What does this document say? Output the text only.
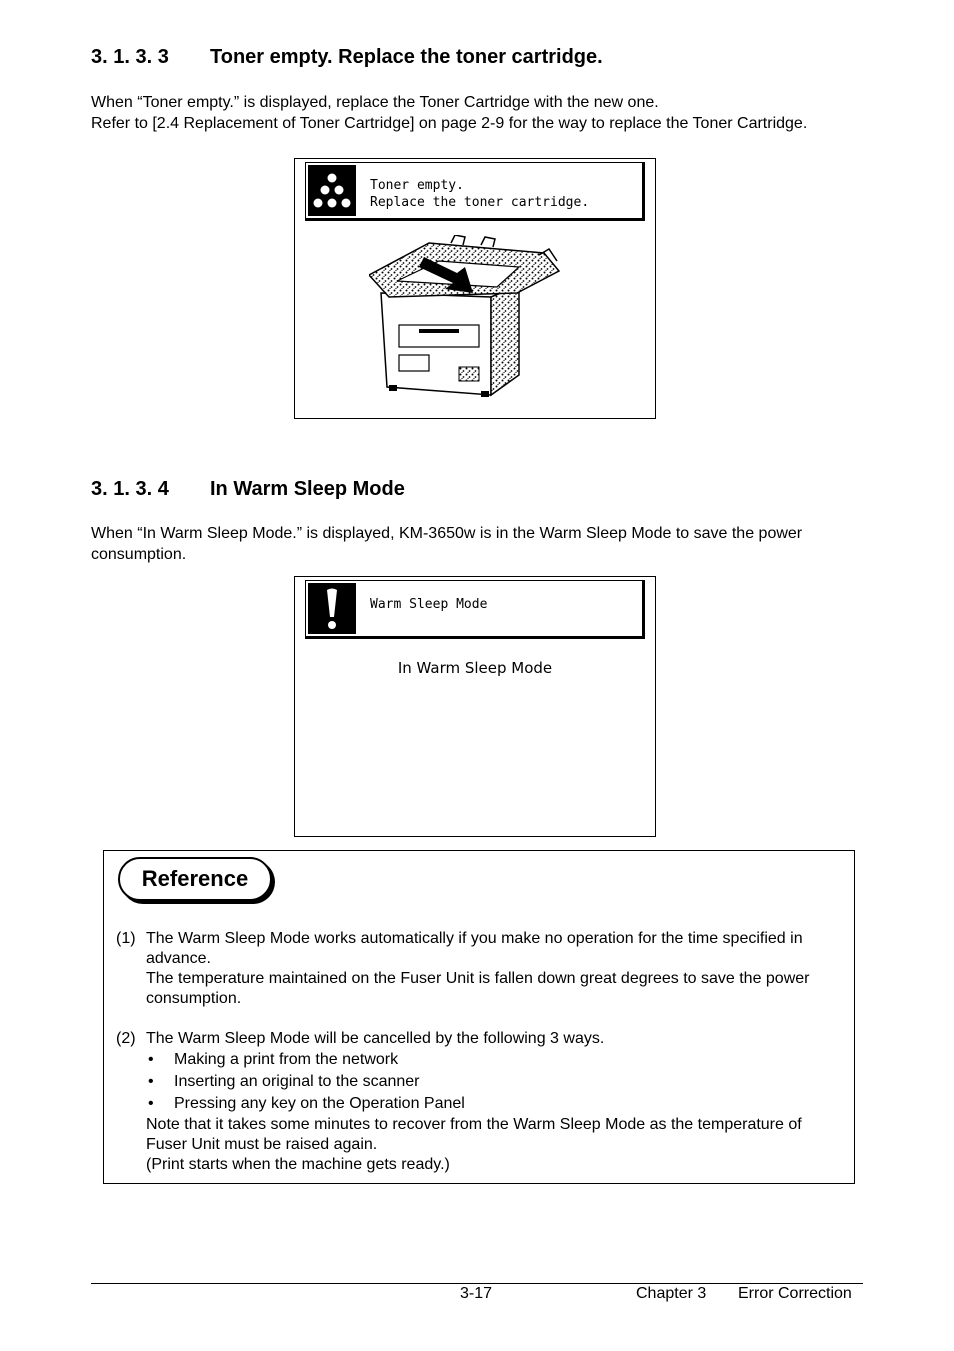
3. 1. 3. 3 Toner empty. Replace the toner cartridge.

When “Toner empty.” is displayed, replace the Toner Cartridge with the new one.

Refer to [2.4 Replacement of Toner Cartridge] on page 2-9 for the way to replace the Toner Cartridge.

Toner empty.
Replace the toner cartridge.
3. 1. 3. 4 In Warm Sleep Mode

When “In Warm Sleep Mode.” is displayed, KM-3650w is in the Warm Sleep Mode to save the power consumption.

Warm Sleep Mode
In Warm Sleep Mode
Reference
(1) The Warm Sleep Mode works automatically if you make no operation for the time specified in advance.

The temperature maintained on the Fuser Unit is fallen down great degrees to save the power consumption.

(2) The Warm Sleep Mode will be cancelled by the following 3 ways.

• Making a print from the network
• Inserting an original to the scanner
• Pressing any key on the Operation Panel

Note that it takes some minutes to recover from the Warm Sleep Mode as the temperature of Fuser Unit must be raised again.

(Print starts when the machine gets ready.)

3-17	Chapter 3 Error Correction
